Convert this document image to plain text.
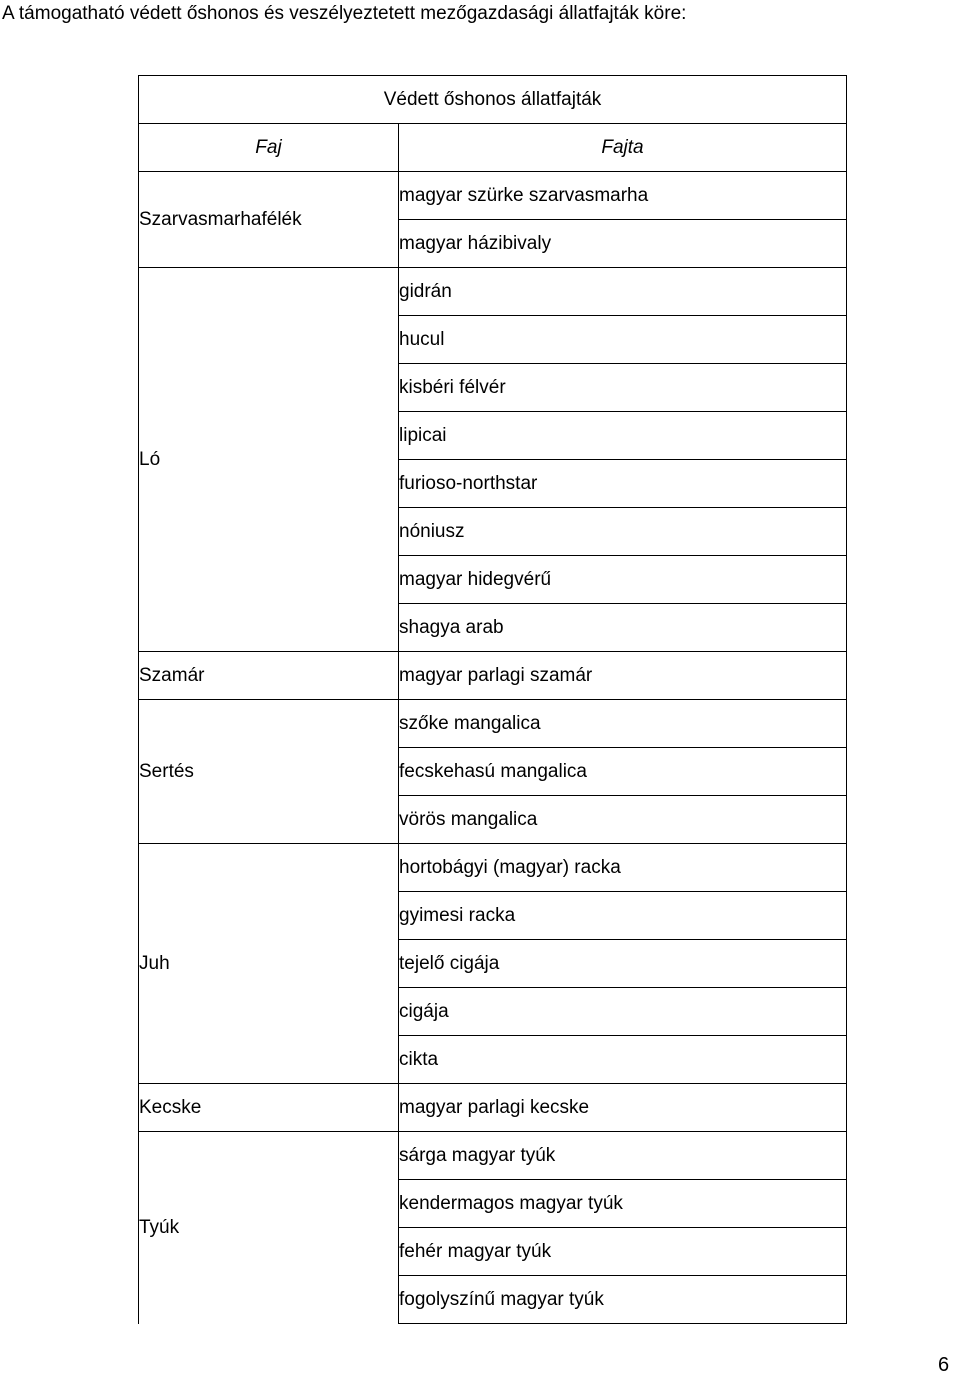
A támogatható védett őshonos és veszélyeztetett mezőgazdasági állatfajták köre:
Védett őshonos állatfajták	
Faj	Fajta
Szarvasmarhafélék	magyar szürke szarvasmarha
	magyar házibivaly
Ló	gidrán
	hucul
	kisbéri félvér
	lipicai
	furioso-northstar
	nóniusz
	magyar hidegvérű
	shagya arab
Szamár	magyar parlagi szamár
Sertés	szőke mangalica
	fecskehasú mangalica
	vörös mangalica
Juh	hortobágyi (magyar) racka
	gyimesi racka
	tejelő cigája
	cigája
	cikta
Kecske	magyar parlagi kecske
Tyúk	sárga magyar tyúk
	kendermagos magyar tyúk
	fehér magyar tyúk
	fogolyszínű magyar tyúk
6
